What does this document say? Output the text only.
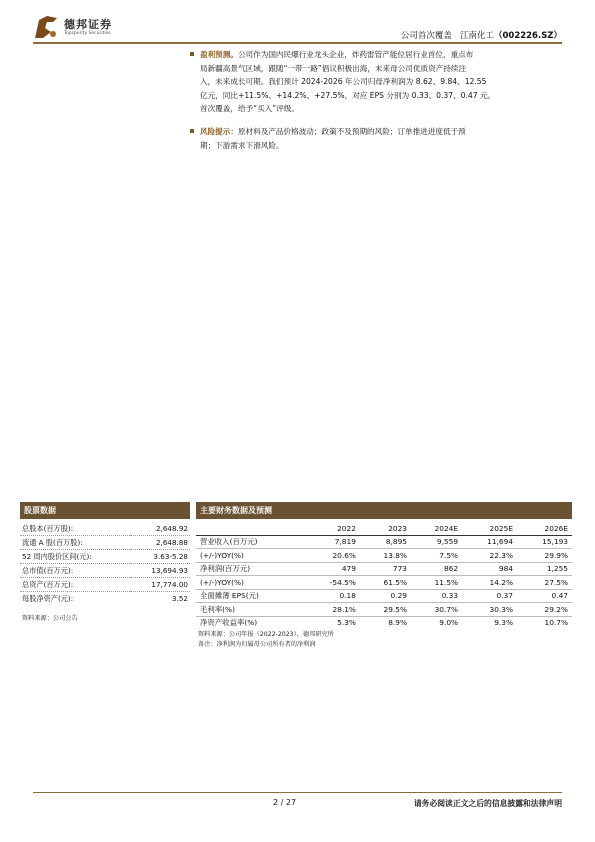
德邦证券
Topsperity Securities	公司首次覆盖 江南化工（002226.SZ）
盈利预测。公司作为国内民爆行业龙头企业，炸药雷管产能位居行业首位，重点布
局新疆高景气区域，跟随“一带一路”倡议积极出海，未来母公司优质资产持续注
入，未来成长可期。我们预计 2024-2026 年公司归母净利润为 8.62、9.84、12.55
亿元，同比+11.5%、+14.2%、+27.5%，对应 EPS 分别为 0.33、0.37、0.47 元。
首次覆盖，给予“买入”评级。
风险提示：原材料及产品价格波动；政策不及预期的风险；订单推进进度低于预
期；下游需求下滑风险。
股票数据
总股本(百万股):	2,648.92
流通 A 股(百万股):	2,648.88
52 周内股价区间(元):	3.63-5.28
总市值(百万元):	13,694.93
总资产(百万元):	17,774.00
每股净资产(元):	3.52
资料来源：公司公告
主要财务数据及预测
	2022	2023	2024E	2025E	2026E
营业收入(百万元)	7,819	8,895	9,559	11,694	15,193
(+/-)YOY(%)	20.6%	13.8%	7.5%	22.3%	29.9%
净利润(百万元)	479	773	862	984	1,255
(+/-)YOY(%)	-54.5%	61.5%	11.5%	14.2%	27.5%
全面摊薄 EPS(元)	0.18	0.29	0.33	0.37	0.47
毛利率(%)	28.1%	29.5%	30.7%	30.3%	29.2%
净资产收益率(%)	5.3%	8.9%	9.0%	9.3%	10.7%
资料来源：公司年报（2022-2023），德邦研究所
备注：净利润为归属母公司所有者的净利润
2 / 27	请务必阅读正文之后的信息披露和法律声明
